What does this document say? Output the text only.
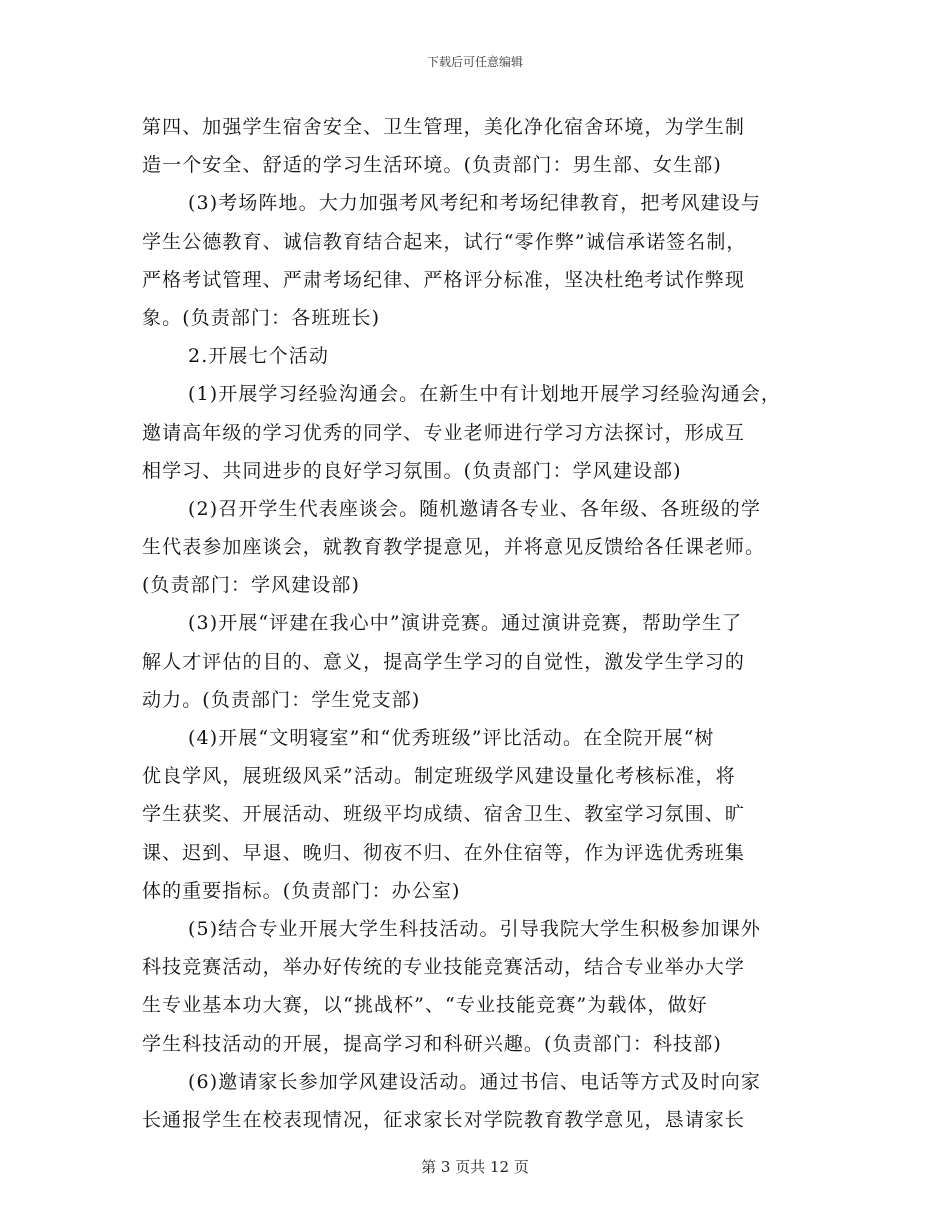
下载后可任意编辑
第四、加强学生宿舍安全、卫生管理，美化净化宿舍环境，为学生制
造一个安全、舒适的学习生活环境。(负责部门：男生部、女生部)
(3)考场阵地。大力加强考风考纪和考场纪律教育，把考风建设与
学生公德教育、诚信教育结合起来，试行“零作弊”诚信承诺签名制，
严格考试管理、严肃考场纪律、严格评分标准，坚决杜绝考试作弊现
象。(负责部门：各班班长)
2.开展七个活动
(1)开展学习经验沟通会。在新生中有计划地开展学习经验沟通会，
邀请高年级的学习优秀的同学、专业老师进行学习方法探讨，形成互
相学习、共同进步的良好学习氛围。(负责部门：学风建设部)
(2)召开学生代表座谈会。随机邀请各专业、各年级、各班级的学
生代表参加座谈会，就教育教学提意见，并将意见反馈给各任课老师。
(负责部门：学风建设部)
(3)开展“评建在我心中”演讲竞赛。通过演讲竞赛，帮助学生了
解人才评估的目的、意义，提高学生学习的自觉性，激发学生学习的
动力。(负责部门：学生党支部)
(4)开展“文明寝室”和“优秀班级”评比活动。在全院开展“树
优良学风，展班级风采”活动。制定班级学风建设量化考核标准，将
学生获奖、开展活动、班级平均成绩、宿舍卫生、教室学习氛围、旷
课、迟到、早退、晚归、彻夜不归、在外住宿等，作为评选优秀班集
体的重要指标。(负责部门：办公室)
(5)结合专业开展大学生科技活动。引导我院大学生积极参加课外
科技竞赛活动，举办好传统的专业技能竞赛活动，结合专业举办大学
生专业基本功大赛，以“挑战杯”、“专业技能竞赛”为载体，做好
学生科技活动的开展，提高学习和科研兴趣。(负责部门：科技部)
(6)邀请家长参加学风建设活动。通过书信、电话等方式及时向家
长通报学生在校表现情况，征求家长对学院教育教学意见，恳请家长
第 3 页共 12 页
